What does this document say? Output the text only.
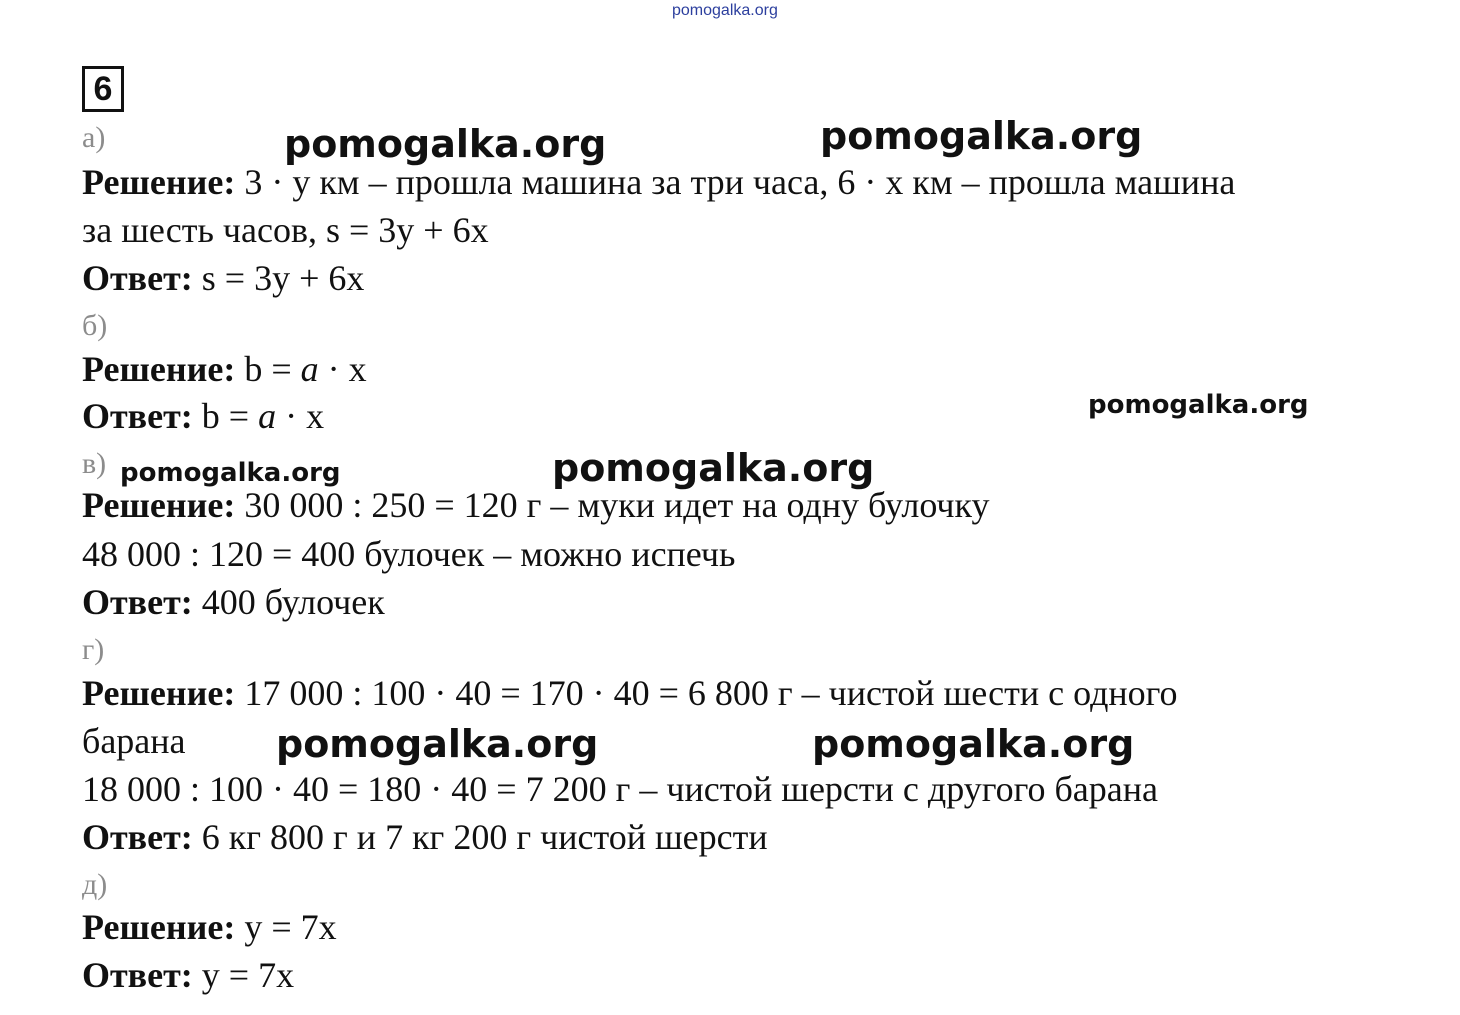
pomogalka.org
6
а)
Решение: 3 · у км – прошла машина за три часа, 6 · x км – прошла машина
за шесть часов, s = 3y + 6x
Ответ: s = 3y + 6x
б)
Решение: b = a · x
Ответ: b = a · x
в)
Решение: 30 000 : 250 = 120 г – муки идет на одну булочку
48 000 : 120 = 400 булочек – можно испечь
Ответ: 400 булочек
г)
Решение: 17 000 : 100 · 40 = 170 · 40 = 6 800 г – чистой шести с одного
барана
18 000 : 100 · 40 = 180 · 40 = 7 200 г – чистой шерсти с другого барана
Ответ: 6 кг 800 г и 7 кг 200 г чистой шерсти
д)
Решение: y = 7x
Ответ: y = 7x
pomogalka.org	pomogalka.org
pomogalka.org
pomogalka.org	pomogalka.org
pomogalka.org	pomogalka.org
